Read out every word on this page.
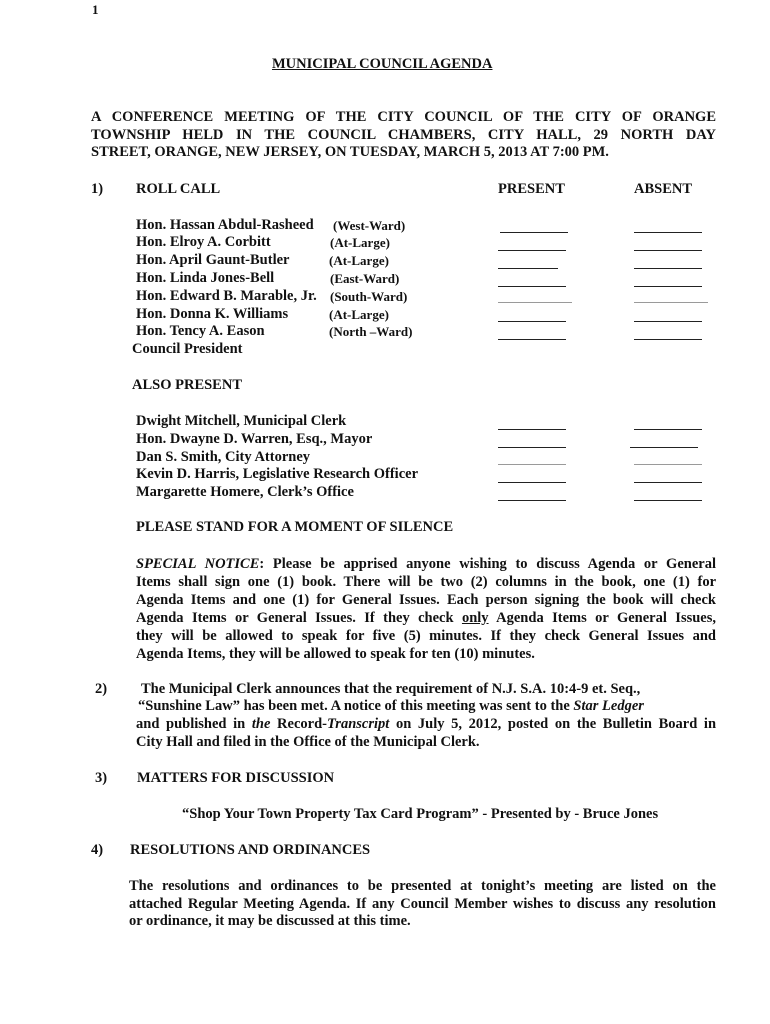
1
MUNICIPAL COUNCIL AGENDA
A CONFERENCE MEETING OF THE CITY COUNCIL OF THE CITY OF ORANGE
TOWNSHIP HELD IN THE COUNCIL CHAMBERS, CITY HALL, 29 NORTH DAY
STREET, ORANGE, NEW JERSEY, ON TUESDAY, MARCH 5, 2013 AT 7:00 PM.
1) ROLL CALL	PRESENT	ABSENT
Hon. Hassan Abdul-Rasheed (West-Ward)
Hon. Elroy A. Corbitt	(At-Large)
Hon. April Gaunt-Butler	(At-Large)
Hon. Linda Jones-Bell	(East-Ward)
Hon. Edward B. Marable, Jr. (South-Ward)
Hon. Donna K. Williams	(At-Large)
Hon. Tency A. Eason	(North –Ward)
Council President
ALSO PRESENT
Dwight Mitchell, Municipal Clerk
Hon. Dwayne D. Warren, Esq., Mayor
Dan S. Smith, City Attorney
Kevin D. Harris, Legislative Research Officer
Margarette Homere, Clerk’s Office
PLEASE STAND FOR A MOMENT OF SILENCE
SPECIAL NOTICE: Please be apprised anyone wishing to discuss Agenda or General
Items shall sign one (1) book. There will be two (2) columns in the book, one (1) for
Agenda Items and one (1) for General Issues. Each person signing the book will check
Agenda Items or General Issues. If they check only Agenda Items or General Issues,
they will be allowed to speak for five (5) minutes. If they check General Issues and
Agenda Items, they will be allowed to speak for ten (10) minutes.
2) The Municipal Clerk announces that the requirement of N.J. S.A. 10:4-9 et. Seq.,
“Sunshine Law” has been met. A notice of this meeting was sent to the Star Ledger
and published in the Record-Transcript on July 5, 2012, posted on the Bulletin Board in
City Hall and filed in the Office of the Municipal Clerk.
3) MATTERS FOR DISCUSSION
“Shop Your Town Property Tax Card Program” - Presented by - Bruce Jones
4) RESOLUTIONS AND ORDINANCES
The resolutions and ordinances to be presented at tonight’s meeting are listed on the
attached Regular Meeting Agenda. If any Council Member wishes to discuss any resolution
or ordinance, it may be discussed at this time.
